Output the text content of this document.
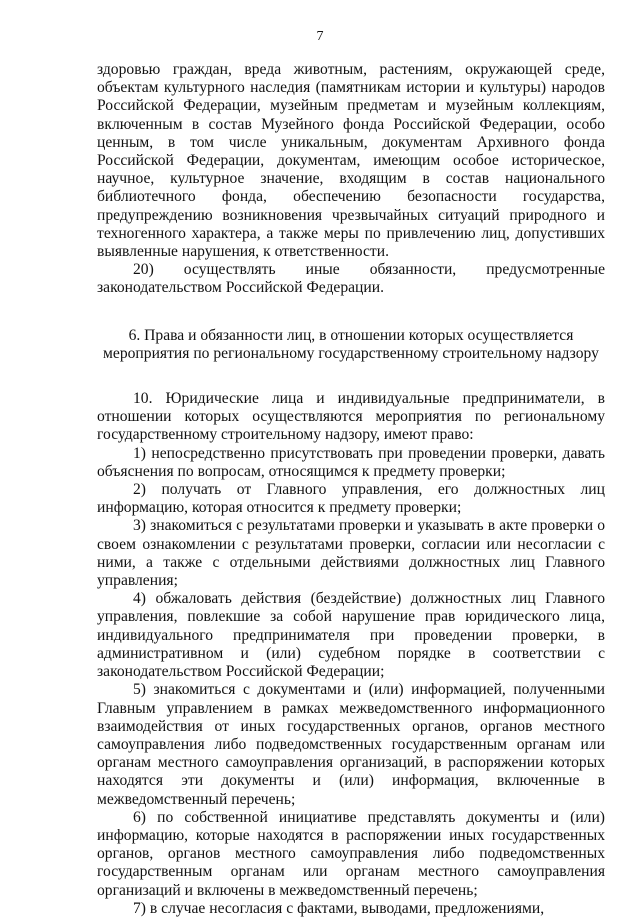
7

здоровью граждан, вреда животным, растениям, окружающей среде, объектам культурного наследия (памятникам истории и культуры) народов Российской Федерации, музейным предметам и музейным коллекциям, включенным в состав Музейного фонда Российской Федерации, особо ценным, в том числе уникальным, документам Архивного фонда Российской Федерации, документам, имеющим особое историческое, научное, культурное значение, входящим в состав национального библиотечного фонда, обеспечению безопасности государства, предупреждению возникновения чрезвычайных ситуаций природного и техногенного характера, а также меры по привлечению лиц, допустивших выявленные нарушения, к ответственности.

20) осуществлять иные обязанности, предусмотренные законодательством Российской Федерации.

6. Права и обязанности лиц, в отношении которых осуществляется
мероприятия по региональному государственному строительному надзору

10. Юридические лица и индивидуальные предприниматели, в отношении которых осуществляются мероприятия по региональному государственному строительному надзору, имеют право:

1) непосредственно присутствовать при проведении проверки, давать объяснения по вопросам, относящимся к предмету проверки;

2) получать от Главного управления, его должностных лиц информацию, которая относится к предмету проверки;

3) знакомиться с результатами проверки и указывать в акте проверки о своем ознакомлении с результатами проверки, согласии или несогласии с ними, а также с отдельными действиями должностных лиц Главного управления;

4) обжаловать действия (бездействие) должностных лиц Главного управления, повлекшие за собой нарушение прав юридического лица, индивидуального предпринимателя при проведении проверки, в административном и (или) судебном порядке в соответствии с законодательством Российской Федерации;

5) знакомиться с документами и (или) информацией, полученными Главным управлением в рамках межведомственного информационного взаимодействия от иных государственных органов, органов местного самоуправления либо подведомственных государственным органам или органам местного самоуправления организаций, в распоряжении которых находятся эти документы и (или) информация, включенные в межведомственный перечень;

6) по собственной инициативе представлять документы и (или) информацию, которые находятся в распоряжении иных государственных органов, органов местного самоуправления либо подведомственных государственным органам или органам местного самоуправления организаций и включены в межведомственный перечень;

7) в случае несогласия с фактами, выводами, предложениями,
